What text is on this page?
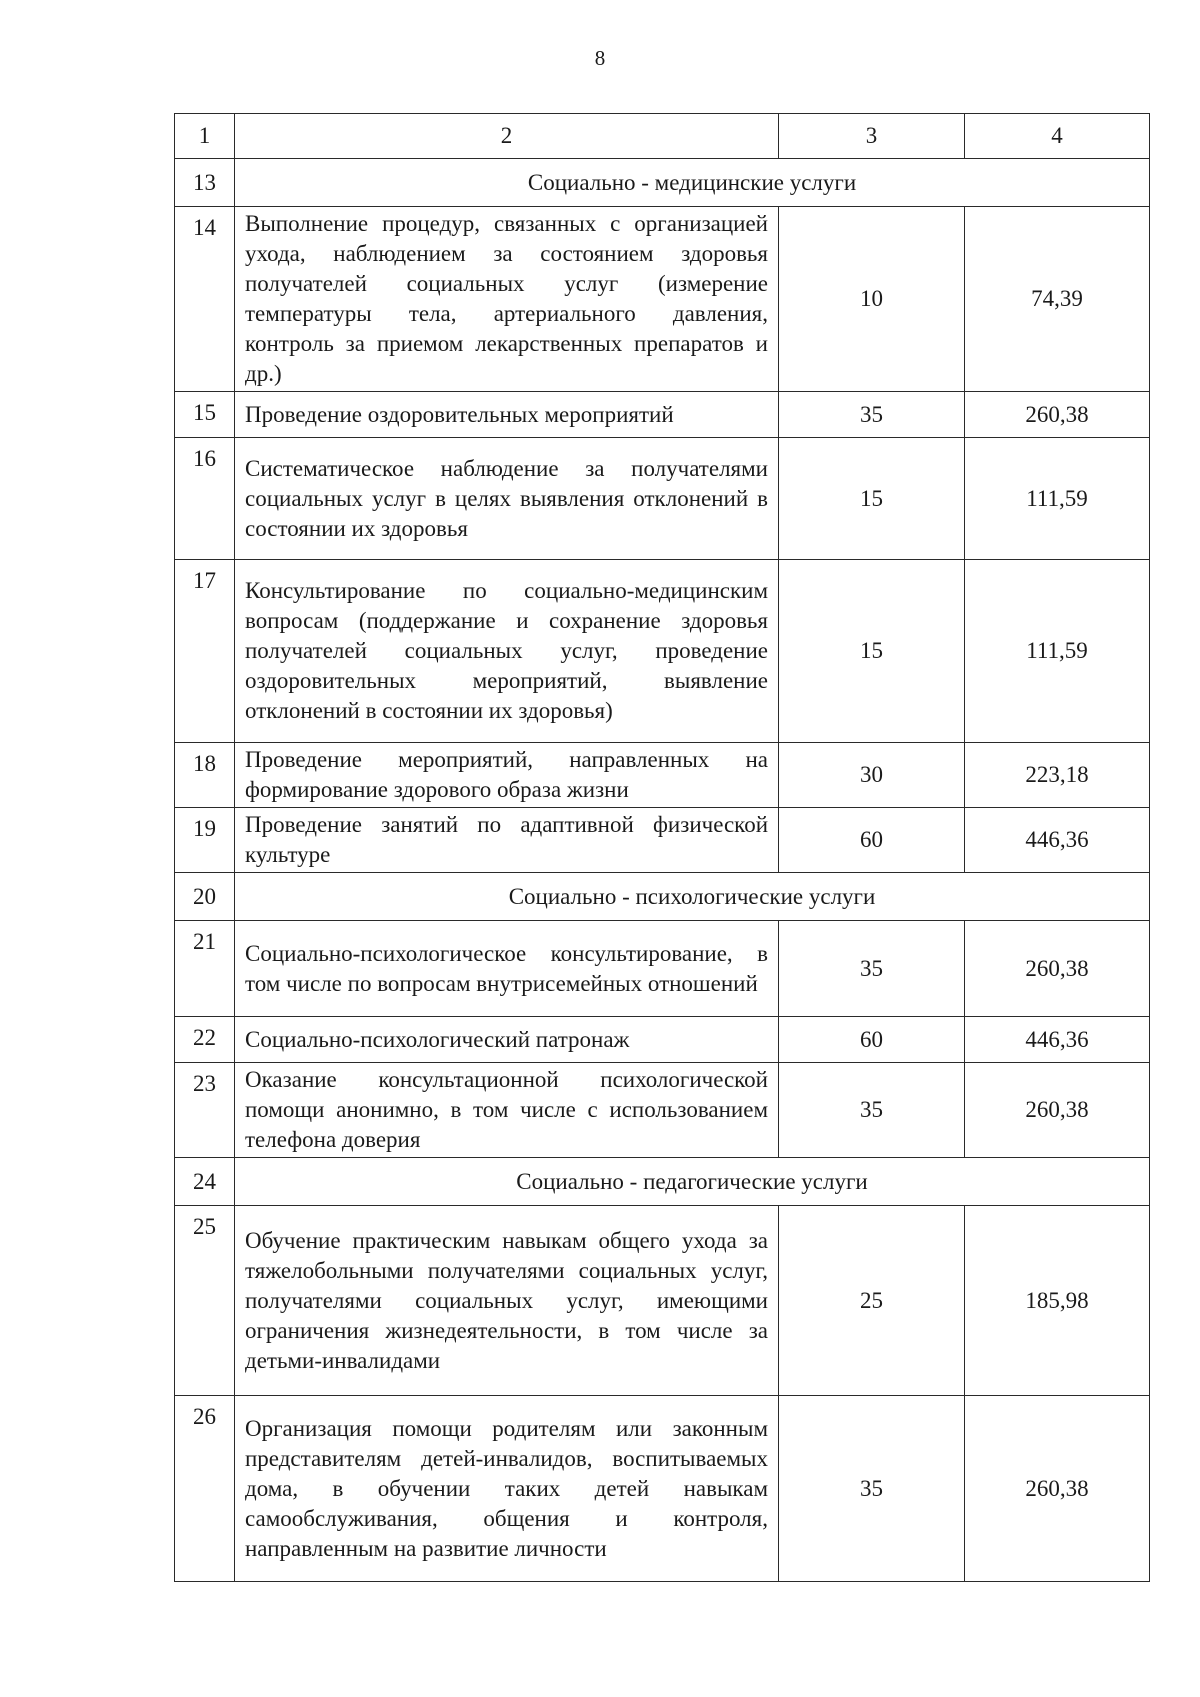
8
1	2	3	4
13	Социально - медицинские услуги		
14	Выполнение процедур, связанных с организацией ухода, наблюдением за состоянием здоровья получателей социальных услуг (измерение температуры тела, артериального давления, контроль за приемом лекарственных препаратов и др.)	10	74,39
15	Проведение оздоровительных мероприятий	35	260,38
16	Систематическое наблюдение за получателями социальных услуг в целях выявления отклонений в состоянии их здоровья	15	111,59
17	Консультирование по социально-медицинским вопросам (поддержание и сохранение здоровья получателей социальных услуг, проведение оздоровительных мероприятий, выявление отклонений в состоянии их здоровья)	15	111,59
18	Проведение мероприятий, направленных на формирование здорового образа жизни	30	223,18
19	Проведение занятий по адаптивной физической культуре	60	446,36
20	Социально - психологические услуги		
21	Социально-психологическое консультирование, в том числе по вопросам внутрисемейных отношений	35	260,38
22	Социально-психологический патронаж	60	446,36
23	Оказание консультационной психологической помощи анонимно, в том числе с использованием телефона доверия	35	260,38
24	Социально - педагогические услуги		
25	Обучение практическим навыкам общего ухода за тяжелобольными получателями социальных услуг, получателями социальных услуг, имеющими ограничения жизнедеятельности, в том числе за детьми-инвалидами	25	185,98
26	Организация помощи родителям или законным представителям детей-инвалидов, воспитываемых дома, в обучении таких детей навыкам самообслуживания, общения и контроля, направленным на развитие личности	35	260,38
